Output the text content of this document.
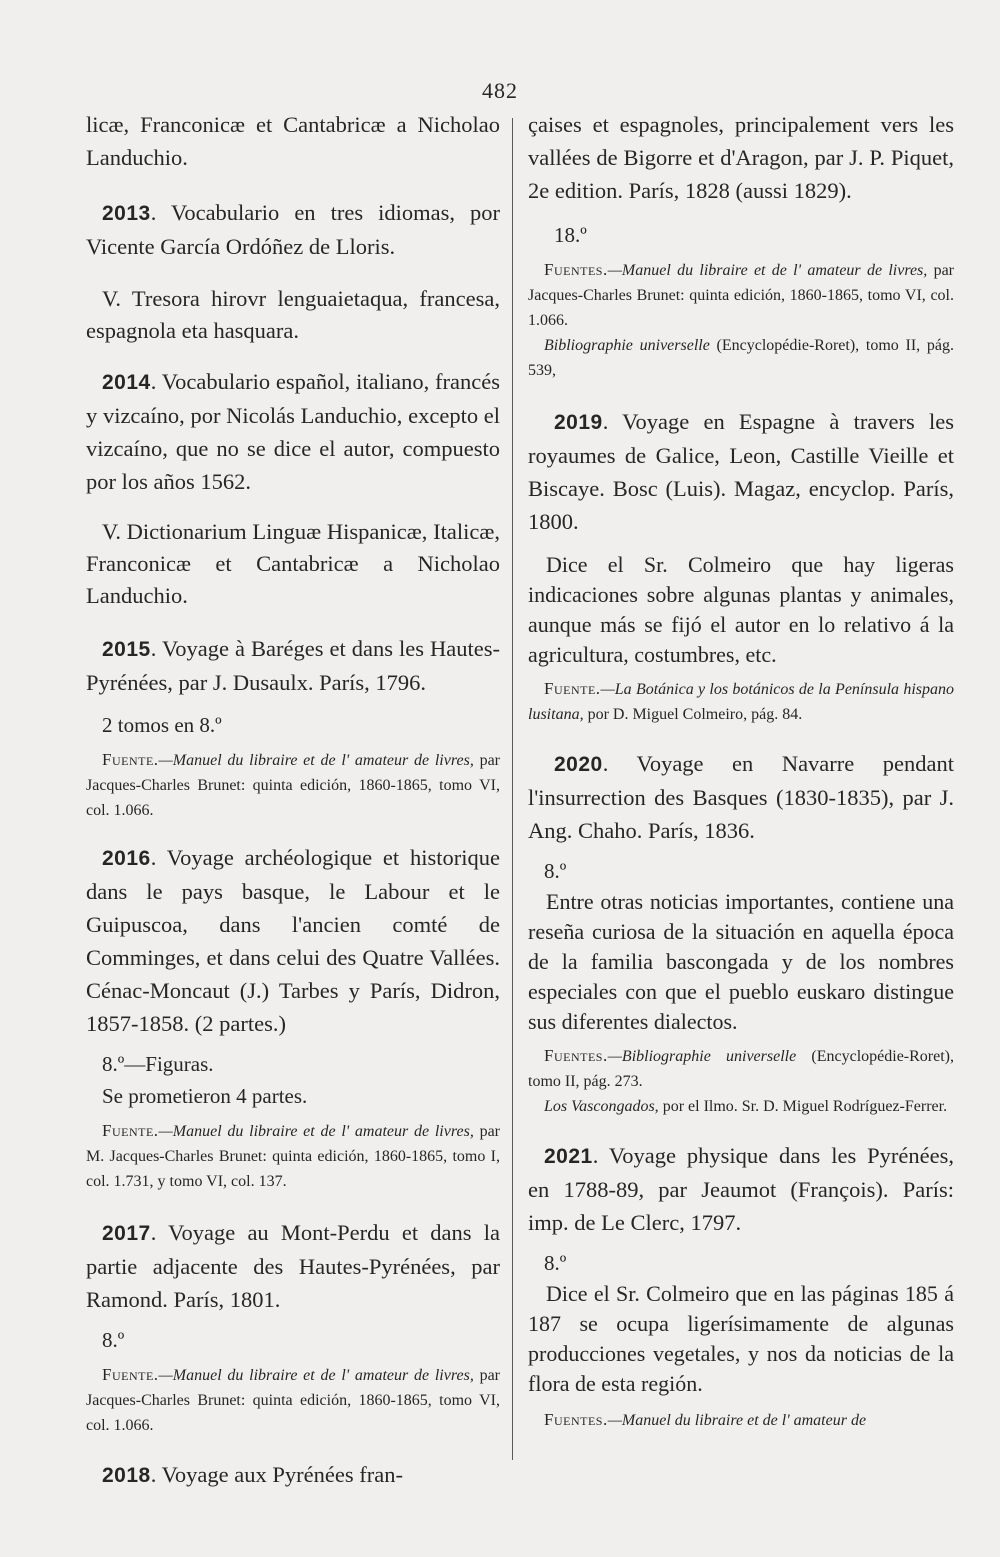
482

licæ, Franconicæ et Cantabricæ a Nicholao Landuchio.

2013. Vocabulario en tres idiomas, por Vicente García Ordóñez de Lloris.

V. Tresora hirovr lenguaietaqua, francesa, espagnola eta hasquara.

2014. Vocabulario español, italiano, francés y vizcaíno, por Nicolás Landuchio, excepto el vizcaíno, que no se dice el autor, compuesto por los años 1562.

V. Dictionarium Linguæ Hispanicæ, Italicæ, Franconicæ et Cantabricæ a Nicholao Landuchio.

2015. Voyage à Baréges et dans les Hautes-Pyrénées, par J. Dusaulx. París, 1796.

2 tomos en 8.º

Fuente.—Manuel du libraire et de l' amateur de livres, par Jacques-Charles Brunet: quinta edición, 1860-1865, tomo VI, col. 1.066.

2016. Voyage archéologique et historique dans le pays basque, le Labour et le Guipuscoa, dans l'ancien comté de Comminges, et dans celui des Quatre Vallées. Cénac-Moncaut (J.) Tarbes y París, Didron, 1857-1858. (2 partes.)

8.º—Figuras.

Se prometieron 4 partes.

Fuente.—Manuel du libraire et de l' amateur de livres, par M. Jacques-Charles Brunet: quinta edición, 1860-1865, tomo I, col. 1.731, y tomo VI, col. 137.

2017. Voyage au Mont-Perdu et dans la partie adjacente des Hautes-Pyrénées, par Ramond. París, 1801.

8.º

Fuente.—Manuel du libraire et de l' amateur de livres, par Jacques-Charles Brunet: quinta edición, 1860-1865, tomo VI, col. 1.066.

2018. Voyage aux Pyrénées fran-

çaises et espagnoles, principalement vers les vallées de Bigorre et d'Aragon, par J. P. Piquet, 2e edition. París, 1828 (aussi 1829).

18.º

Fuentes.—Manuel du libraire et de l' amateur de livres, par Jacques-Charles Brunet: quinta edición, 1860-1865, tomo VI, col. 1.066.

Bibliographie universelle (Encyclopédie-Roret), tomo II, pág. 539,

2019. Voyage en Espagne à travers les royaumes de Galice, Leon, Castille Vieille et Biscaye. Bosc (Luis). Magaz, encyclop. París, 1800.

Dice el Sr. Colmeiro que hay ligeras indicaciones sobre algunas plantas y animales, aunque más se fijó el autor en lo relativo á la agricultura, costumbres, etc.

Fuente.—La Botánica y los botánicos de la Península hispano lusitana, por D. Miguel Colmeiro, pág. 84.

2020. Voyage en Navarre pendant l'insurrection des Basques (1830-1835), par J. Ang. Chaho. París, 1836.

8.º

Entre otras noticias importantes, contiene una reseña curiosa de la situación en aquella época de la familia bascongada y de los nombres especiales con que el pueblo euskaro distingue sus diferentes dialectos.

Fuentes.—Bibliographie universelle (Encyclopédie-Roret), tomo II, pág. 273.

Los Vascongados, por el Ilmo. Sr. D. Miguel Rodríguez-Ferrer.

2021. Voyage physique dans les Pyrénées, en 1788-89, par Jeaumot (François). París: imp. de Le Clerc, 1797.

8.º

Dice el Sr. Colmeiro que en las páginas 185 á 187 se ocupa ligerísimamente de algunas producciones vegetales, y nos da noticias de la flora de esta región.

Fuentes.—Manuel du libraire et de l' amateur de
